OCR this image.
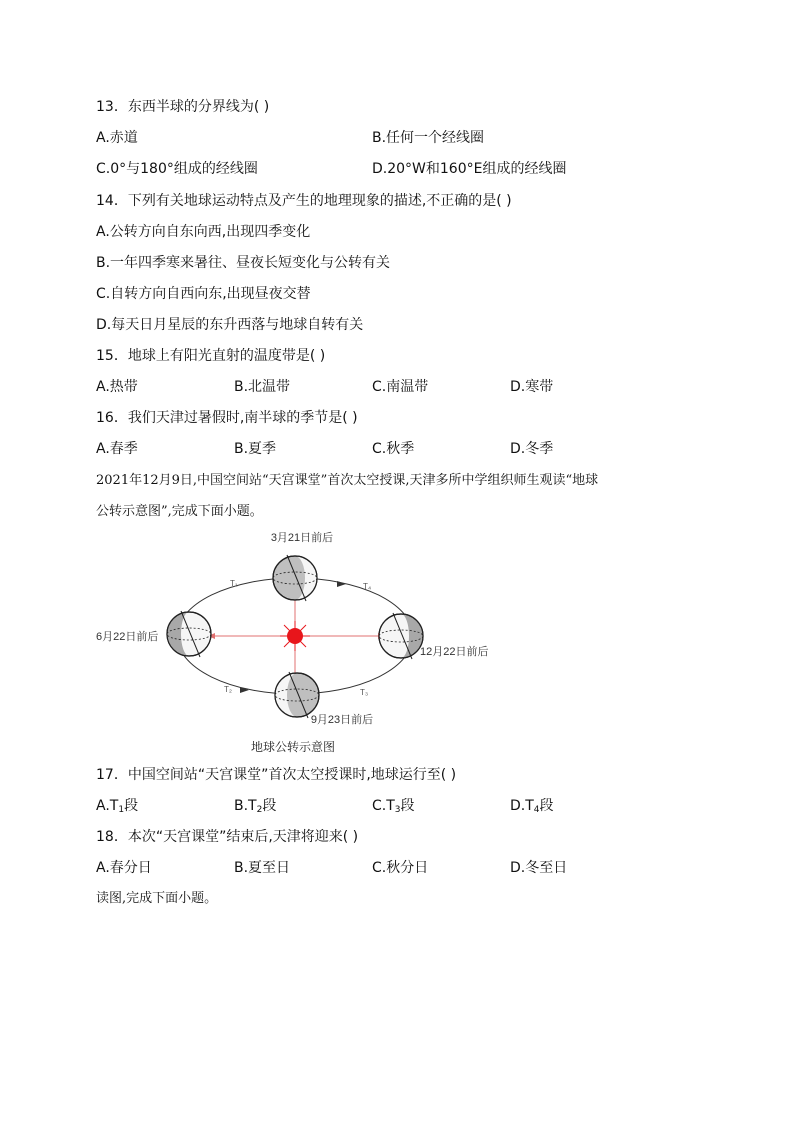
13．东西半球的分界线为( )
A.赤道	B.任何一个经线圈
C.0°与180°组成的经线圈	D.20°W和160°E组成的经线圈
14．下列有关地球运动特点及产生的地理现象的描述,不正确的是( )
A.公转方向自东向西,出现四季变化
B.一年四季寒来暑往、昼夜长短变化与公转有关
C.自转方向自西向东,出现昼夜交替
D.每天日月星辰的东升西落与地球自转有关
15．地球上有阳光直射的温度带是( )
A.热带	B.北温带	C.南温带	D.寒带
16．我们天津过暑假时,南半球的季节是( )
A.春季	B.夏季	C.秋季	D.冬季
2021年12月9日,中国空间站“天宫课堂”首次太空授课,天津多所中学组织师生观读“地球
公转示意图”,完成下面小题。
3月21日前后
6月22日前后
12月22日前后
9月23日前后
T₁
T₂	T₃
T₄
地球公转示意图
17．中国空间站“天宫课堂”首次太空授课时,地球运行至( )
$A.T_1$段	$B.T_2$段	$C.T_3$段	$D.T_4$段
18．本次“天宫课堂”结束后,天津将迎来( )
A.春分日	B.夏至日	C.秋分日	D.冬至日
读图,完成下面小题。
